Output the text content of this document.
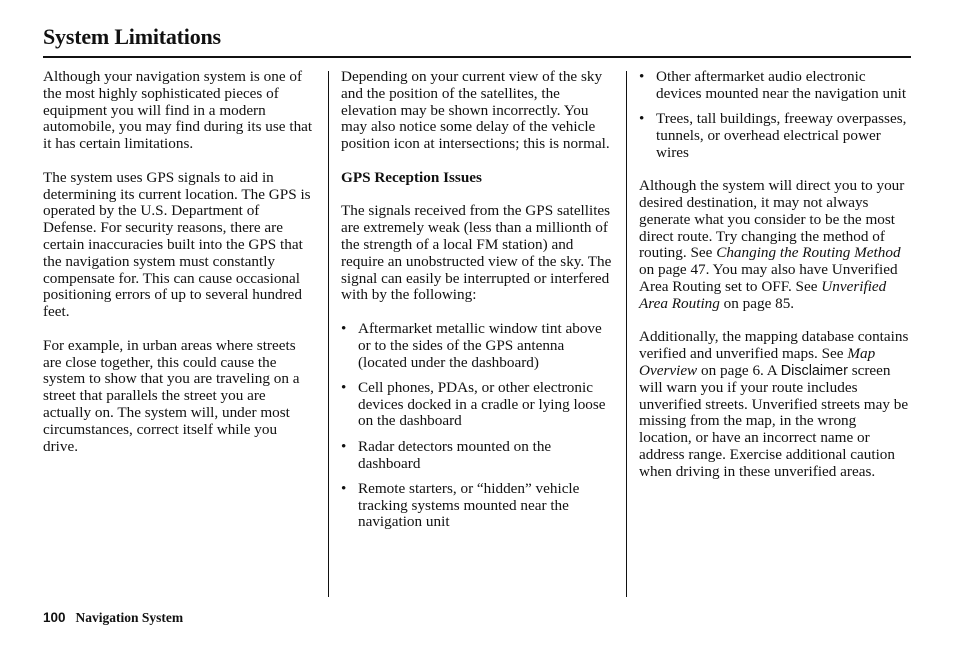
System Limitations

Although your navigation system is one of the most highly sophisticated pieces of equipment you will find in a modern automobile, you may find during its use that it has certain limitations.

The system uses GPS signals to aid in determining its current location. The GPS is operated by the U.S. Department of Defense. For security reasons, there are certain inaccuracies built into the GPS that the navigation system must constantly compensate for. This can cause occasional positioning errors of up to several hundred feet.

For example, in urban areas where streets are close together, this could cause the system to show that you are traveling on a street that parallels the street you are actually on. The system will, under most circumstances, correct itself while you drive.

Depending on your current view of the sky and the position of the satellites, the elevation may be shown incorrectly. You may also notice some delay of the vehicle position icon at intersections; this is normal.

GPS Reception Issues

The signals received from the GPS satellites are extremely weak (less than a millionth of the strength of a local FM station) and require an unobstructed view of the sky. The signal can easily be interrupted or interfered with by the following:

• Aftermarket metallic window tint above or to the sides of the GPS antenna (located under the dashboard)
• Cell phones, PDAs, or other electronic devices docked in a cradle or lying loose on the dashboard
• Radar detectors mounted on the dashboard
• Remote starters, or “hidden” vehicle tracking systems mounted near the navigation unit
• Other aftermarket audio electronic devices mounted near the navigation unit
• Trees, tall buildings, freeway overpasses, tunnels, or overhead electrical power wires

Although the system will direct you to your desired destination, it may not always generate what you consider to be the most direct route. Try changing the method of routing. See Changing the Routing Method on page 47. You may also have Unverified Area Routing set to OFF. See Unverified Area Routing on page 85.

Additionally, the mapping database contains verified and unverified maps. See Map Overview on page 6. A Disclaimer screen will warn you if your route includes unverified streets. Unverified streets may be missing from the map, in the wrong location, or have an incorrect name or address range. Exercise additional caution when driving in these unverified areas.

100 Navigation System
